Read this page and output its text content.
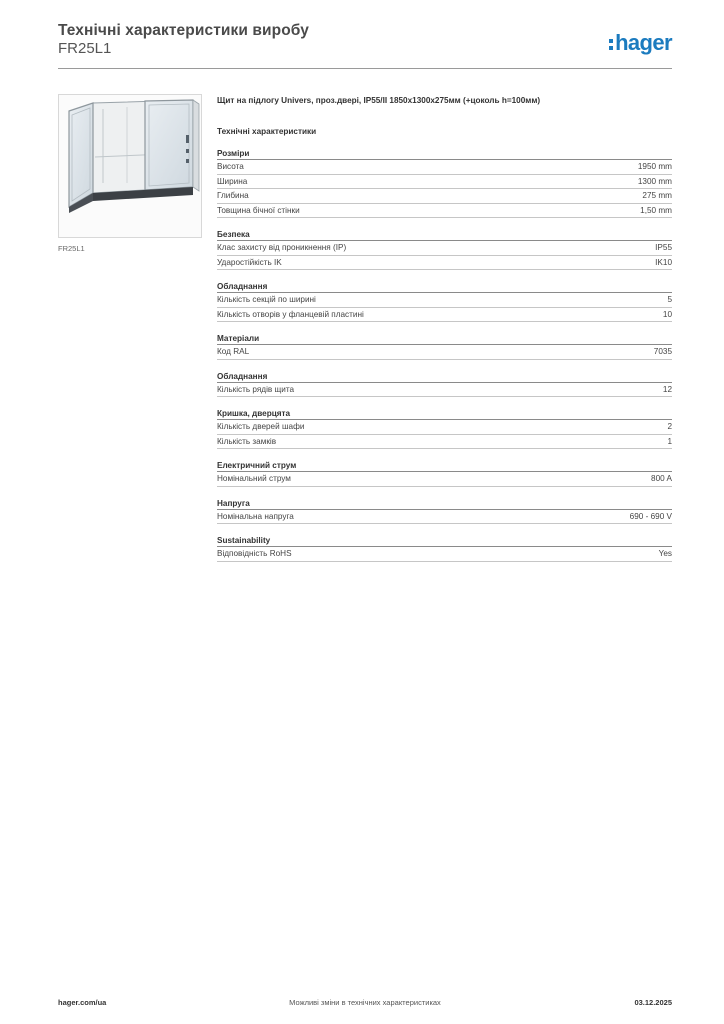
Технічні характеристики виробу
FR25L1	hager
FR25L1
Щит на підлогу Univers, проз.двері, IP55/II 1850х1300х275мм (+цоколь h=100мм)
Технічні характеристики
Розміри
Висота	1950 mm
Ширина	1300 mm
Глибина	275 mm
Товщина бічної стінки	1,50 mm
Безпека
Клас захисту від проникнення (IP)	IP55
Ударостійкість IK	IK10
Обладнання
Кількість секцій по ширині	5
Кількість отворів у фланцевій пластині	10
Матеріали
Код RAL	7035
Обладнання
Кількість рядів щита	12
Кришка, дверцята
Кількість дверей шафи	2
Кількість замків	1
Електричний струм
Номінальний струм	800 A
Напруга
Номінальна напруга	690 - 690 V
Sustainability
Відповідність RoHS	Yes
hager.com/ua	Можливі зміни в технічних характеристиках	03.12.2025
